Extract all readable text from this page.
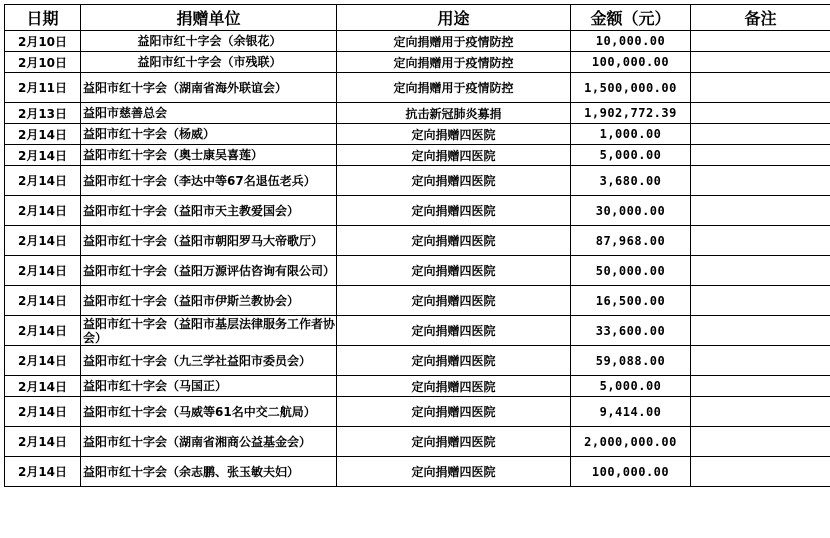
日期	捐赠单位	用途	金额（元）	备注
2月10日	益阳市红十字会（余银花）	定向捐赠用于疫情防控	10,000.00	
2月10日	益阳市红十字会（市残联）	定向捐赠用于疫情防控	100,000.00	
2月11日	益阳市红十字会（湖南省海外联谊会）	定向捐赠用于疫情防控	1,500,000.00	
2月13日	益阳市慈善总会	抗击新冠肺炎募捐	1,902,772.39	
2月14日	益阳市红十字会（杨威）	定向捐赠四医院	1,000.00	
2月14日	益阳市红十字会（奥士康吴喜莲）	定向捐赠四医院	5,000.00	
2月14日	益阳市红十字会（李达中等67名退伍老兵）	定向捐赠四医院	3,680.00	
2月14日	益阳市红十字会（益阳市天主教爱国会）	定向捐赠四医院	30,000.00	
2月14日	益阳市红十字会（益阳市朝阳罗马大帝歌厅）	定向捐赠四医院	87,968.00	
2月14日	益阳市红十字会（益阳万源评估咨询有限公司）	定向捐赠四医院	50,000.00	
2月14日	益阳市红十字会（益阳市伊斯兰教协会）	定向捐赠四医院	16,500.00	
2月14日	益阳市红十字会（益阳市基层法律服务工作者协会）	定向捐赠四医院	33,600.00	
2月14日	益阳市红十字会（九三学社益阳市委员会）	定向捐赠四医院	59,088.00	
2月14日	益阳市红十字会（马国正）	定向捐赠四医院	5,000.00	
2月14日	益阳市红十字会（马威等61名中交二航局）	定向捐赠四医院	9,414.00	
2月14日	益阳市红十字会（湖南省湘商公益基金会）	定向捐赠四医院	2,000,000.00	
2月14日	益阳市红十字会（余志鹏、张玉敏夫妇）	定向捐赠四医院	100,000.00	
